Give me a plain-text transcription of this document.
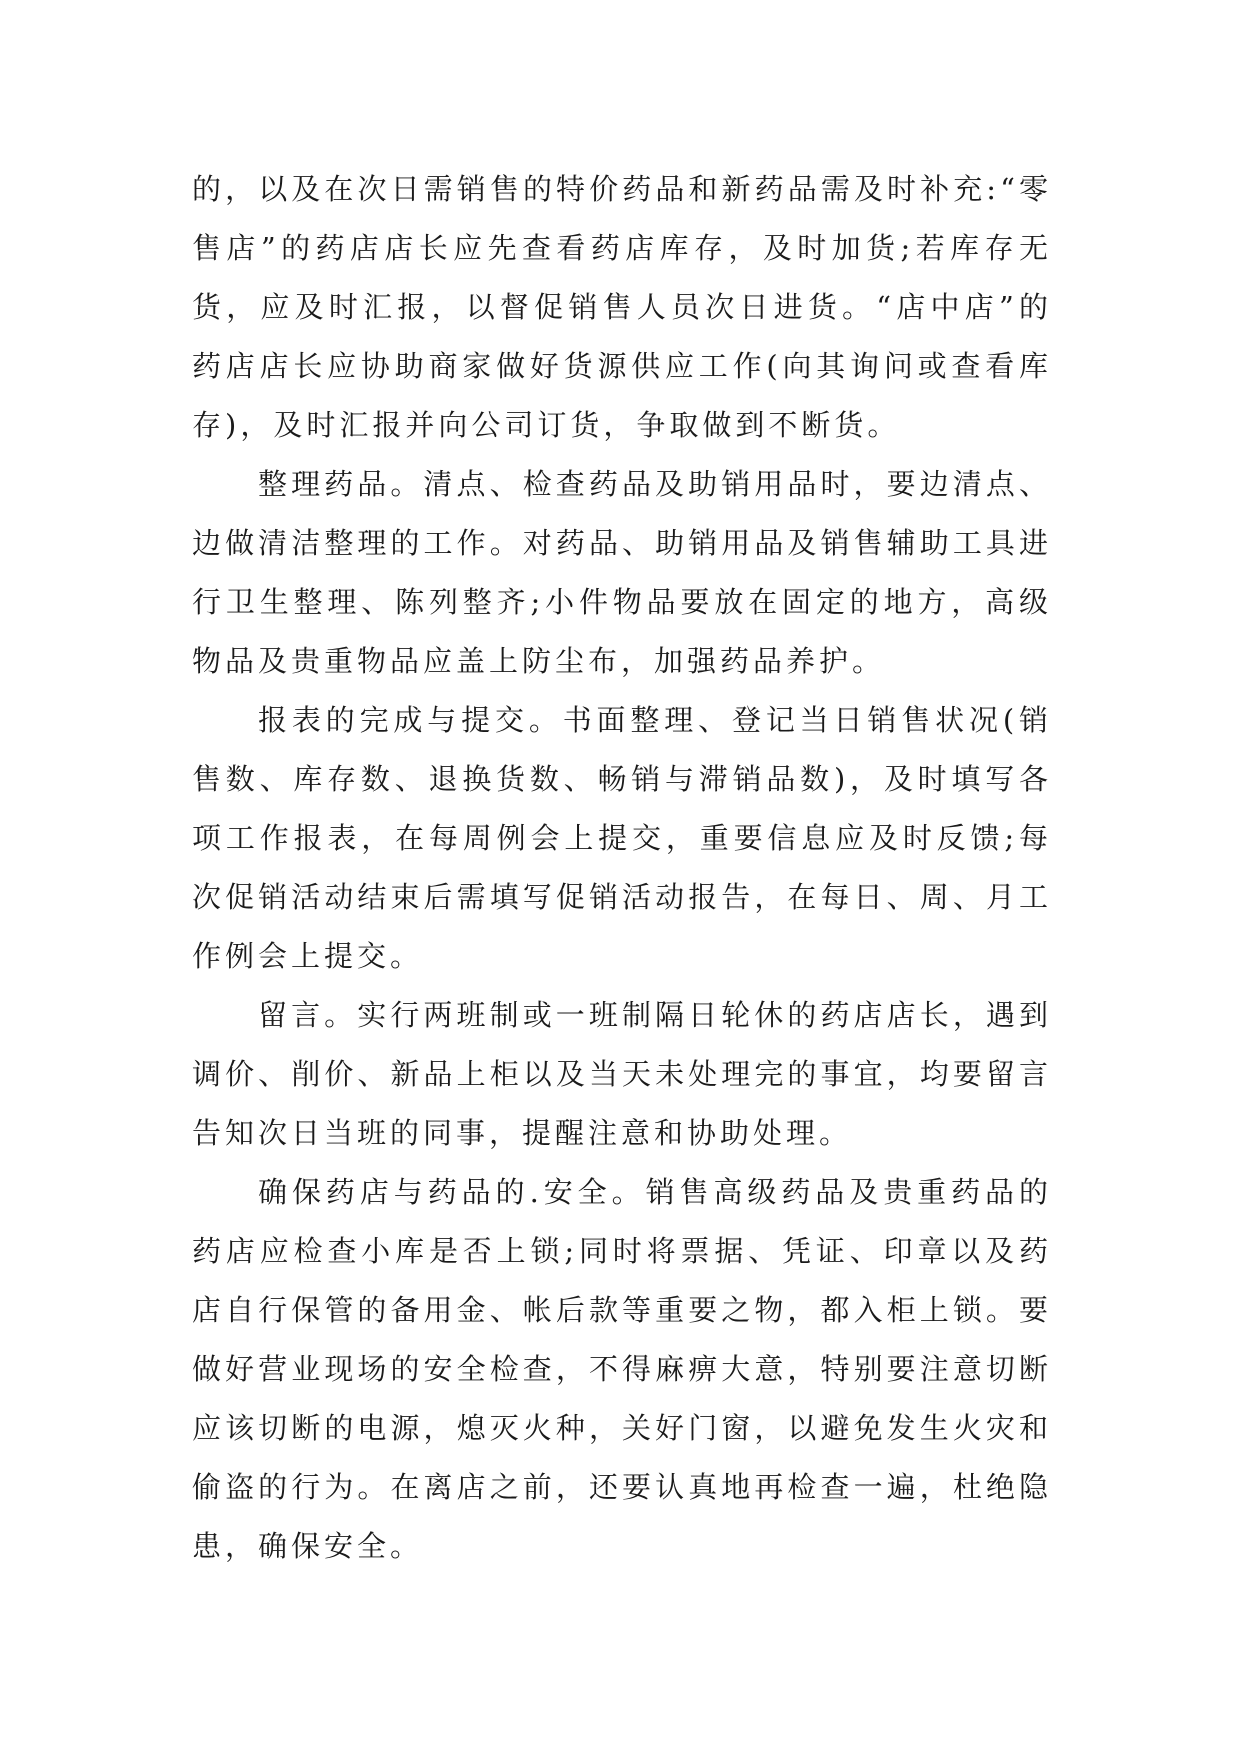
的，以及在次日需销售的特价药品和新药品需及时补充:“零售店”的药店店长应先查看药店库存，及时加货;若库存无货，应及时汇报，以督促销售人员次日进货。“店中店”的药店店长应协助商家做好货源供应工作(向其询问或查看库存)，及时汇报并向公司订货，争取做到不断货。

整理药品。清点、检查药品及助销用品时，要边清点、边做清洁整理的工作。对药品、助销用品及销售辅助工具进行卫生整理、陈列整齐;小件物品要放在固定的地方，高级物品及贵重物品应盖上防尘布，加强药品养护。

报表的完成与提交。书面整理、登记当日销售状况(销售数、库存数、退换货数、畅销与滞销品数)，及时填写各项工作报表，在每周例会上提交，重要信息应及时反馈;每次促销活动结束后需填写促销活动报告，在每日、周、月工作例会上提交。

留言。实行两班制或一班制隔日轮休的药店店长，遇到调价、削价、新品上柜以及当天未处理完的事宜，均要留言告知次日当班的同事，提醒注意和协助处理。

确保药店与药品的.安全。销售高级药品及贵重药品的药店应检查小库是否上锁;同时将票据、凭证、印章以及药店自行保管的备用金、帐后款等重要之物，都入柜上锁。要做好营业现场的安全检查，不得麻痹大意，特别要注意切断应该切断的电源，熄灭火种，关好门窗，以避免发生火灾和偷盗的行为。在离店之前，还要认真地再检查一遍，杜绝隐患，确保安全。
